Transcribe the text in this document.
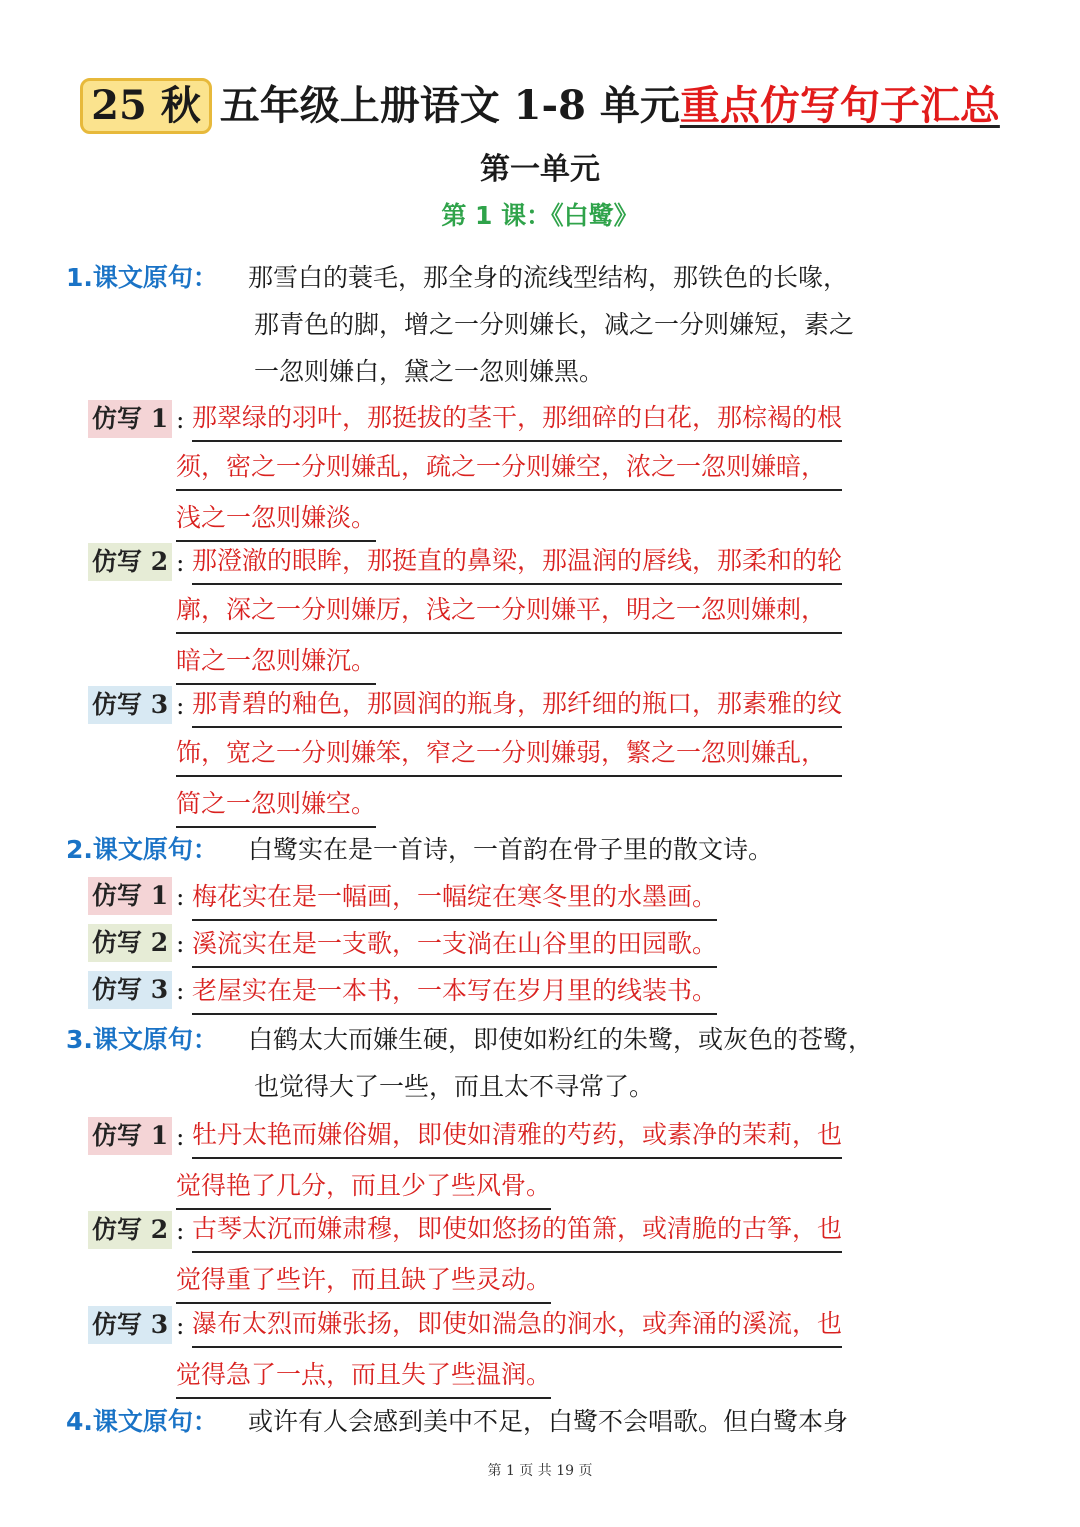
25 秋 五年级上册语文 1-8 单元 重点仿写句子汇总
第一单元
第 1 课：《白鹭》
1.课文原句：	那雪白的蓑毛，那全身的流线型结构，那铁色的长喙，
那青色的脚，增之一分则嫌长，减之一分则嫌短，素之
一忽则嫌白，黛之一忽则嫌黑。
仿写 1 : 那翠绿的羽叶，那挺拔的茎干，那细碎的白花，那棕褐的根
须，密之一分则嫌乱，疏之一分则嫌空，浓之一忽则嫌暗，
浅之一忽则嫌淡。
仿写 2 : 那澄澈的眼眸，那挺直的鼻梁，那温润的唇线，那柔和的轮
廓，深之一分则嫌厉，浅之一分则嫌平，明之一忽则嫌刺，
暗之一忽则嫌沉。
仿写 3 : 那青碧的釉色，那圆润的瓶身，那纤细的瓶口，那素雅的纹
饰，宽之一分则嫌笨，窄之一分则嫌弱，繁之一忽则嫌乱，
简之一忽则嫌空。
2.课文原句：	白鹭实在是一首诗，一首韵在骨子里的散文诗。
仿写 1 : 梅花实在是一幅画，一幅绽在寒冬里的水墨画。
仿写 2 : 溪流实在是一支歌，一支淌在山谷里的田园歌。
仿写 3 : 老屋实在是一本书，一本写在岁月里的线装书。
3.课文原句：	白鹤太大而嫌生硬，即使如粉红的朱鹭，或灰色的苍鹭，
也觉得大了一些，而且太不寻常了。
仿写 1 : 牡丹太艳而嫌俗媚，即使如清雅的芍药，或素净的茉莉，也
觉得艳了几分，而且少了些风骨。
仿写 2 : 古琴太沉而嫌肃穆，即使如悠扬的笛箫，或清脆的古筝，也
觉得重了些许，而且缺了些灵动。
仿写 3 : 瀑布太烈而嫌张扬，即使如湍急的涧水，或奔涌的溪流，也
觉得急了一点，而且失了些温润。
4.课文原句：	或许有人会感到美中不足，白鹭不会唱歌。但白鹭本身
第 1 页 共 19 页
